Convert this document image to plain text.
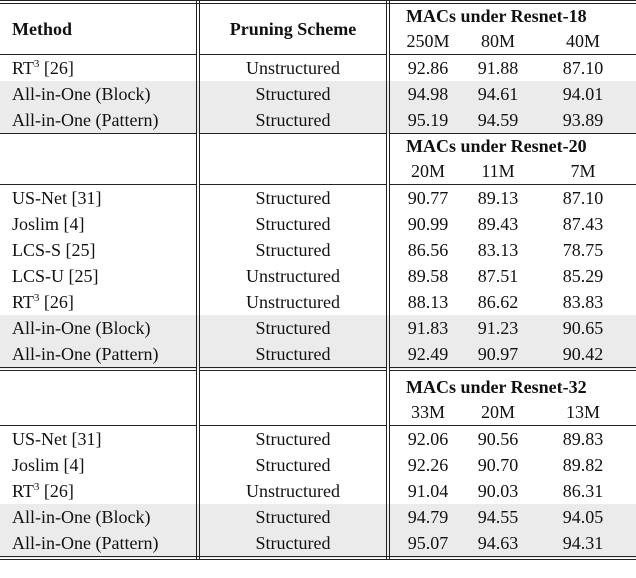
Method	Pruning Scheme	MACs under Resnet-18		
		250M	80M	40M
$RT^3$ [26]	Unstructured	92.86	91.88	87.10
All-in-One (Block)	Structured	94.98	94.61	94.01
All-in-One (Pattern)	Structured	95.19	94.59	93.89
		MACs under Resnet-20		
		20M	11M	7M
US-Net [31]	Structured	90.77	89.13	87.10
Joslim [4]	Structured	90.99	89.43	87.43
LCS-S [25]	Structured	86.56	83.13	78.75
LCS-U [25]	Unstructured	89.58	87.51	85.29
$RT^3$ [26]	Unstructured	88.13	86.62	83.83
All-in-One (Block)	Structured	91.83	91.23	90.65
All-in-One (Pattern)	Structured	92.49	90.97	90.42
		MACs under Resnet-32		
		33M	20M	13M
US-Net [31]	Structured	92.06	90.56	89.83
Joslim [4]	Structured	92.26	90.70	89.82
$RT^3$ [26]	Unstructured	91.04	90.03	86.31
All-in-One (Block)	Structured	94.79	94.55	94.05
All-in-One (Pattern)	Structured	95.07	94.63	94.31
